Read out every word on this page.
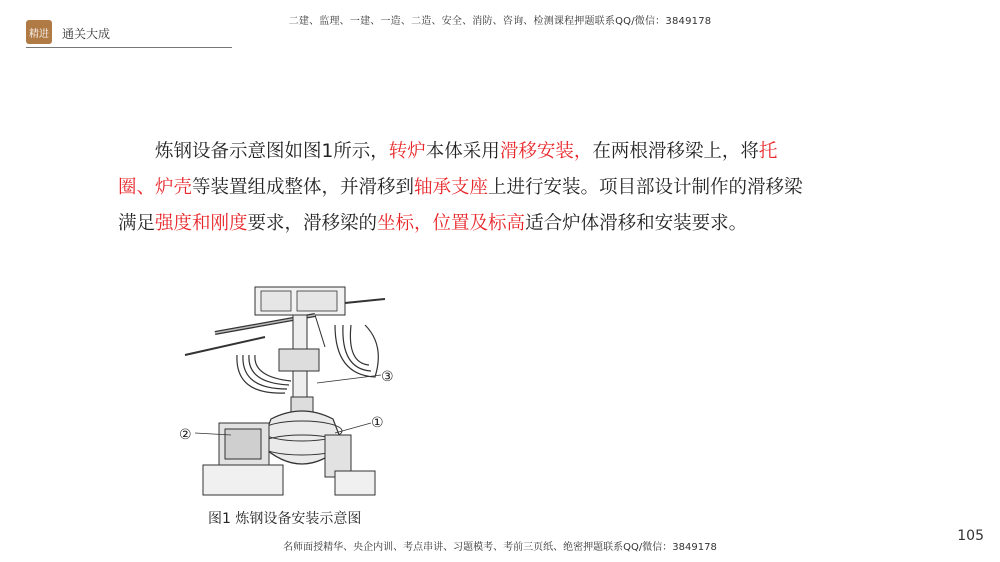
二建、监理、一建、一造、二造、安全、消防、咨询、检测课程押题联系QQ/微信：3849178
精进 通关大成

炼钢设备示意图如图1所示，转炉本体采用滑移安装，在两根滑移梁上，将托圈、炉壳等装置组成整体，并滑移到轴承支座上进行安装。项目部设计制作的滑移梁满足强度和刚度要求，滑移梁的坐标，位置及标高适合炉体滑移和安装要求。

③
①
②
图1 炼钢设备安装示意图
105
名师面授精华、央企内训、考点串讲、习题模考、考前三页纸、绝密押题联系QQ/微信：3849178
